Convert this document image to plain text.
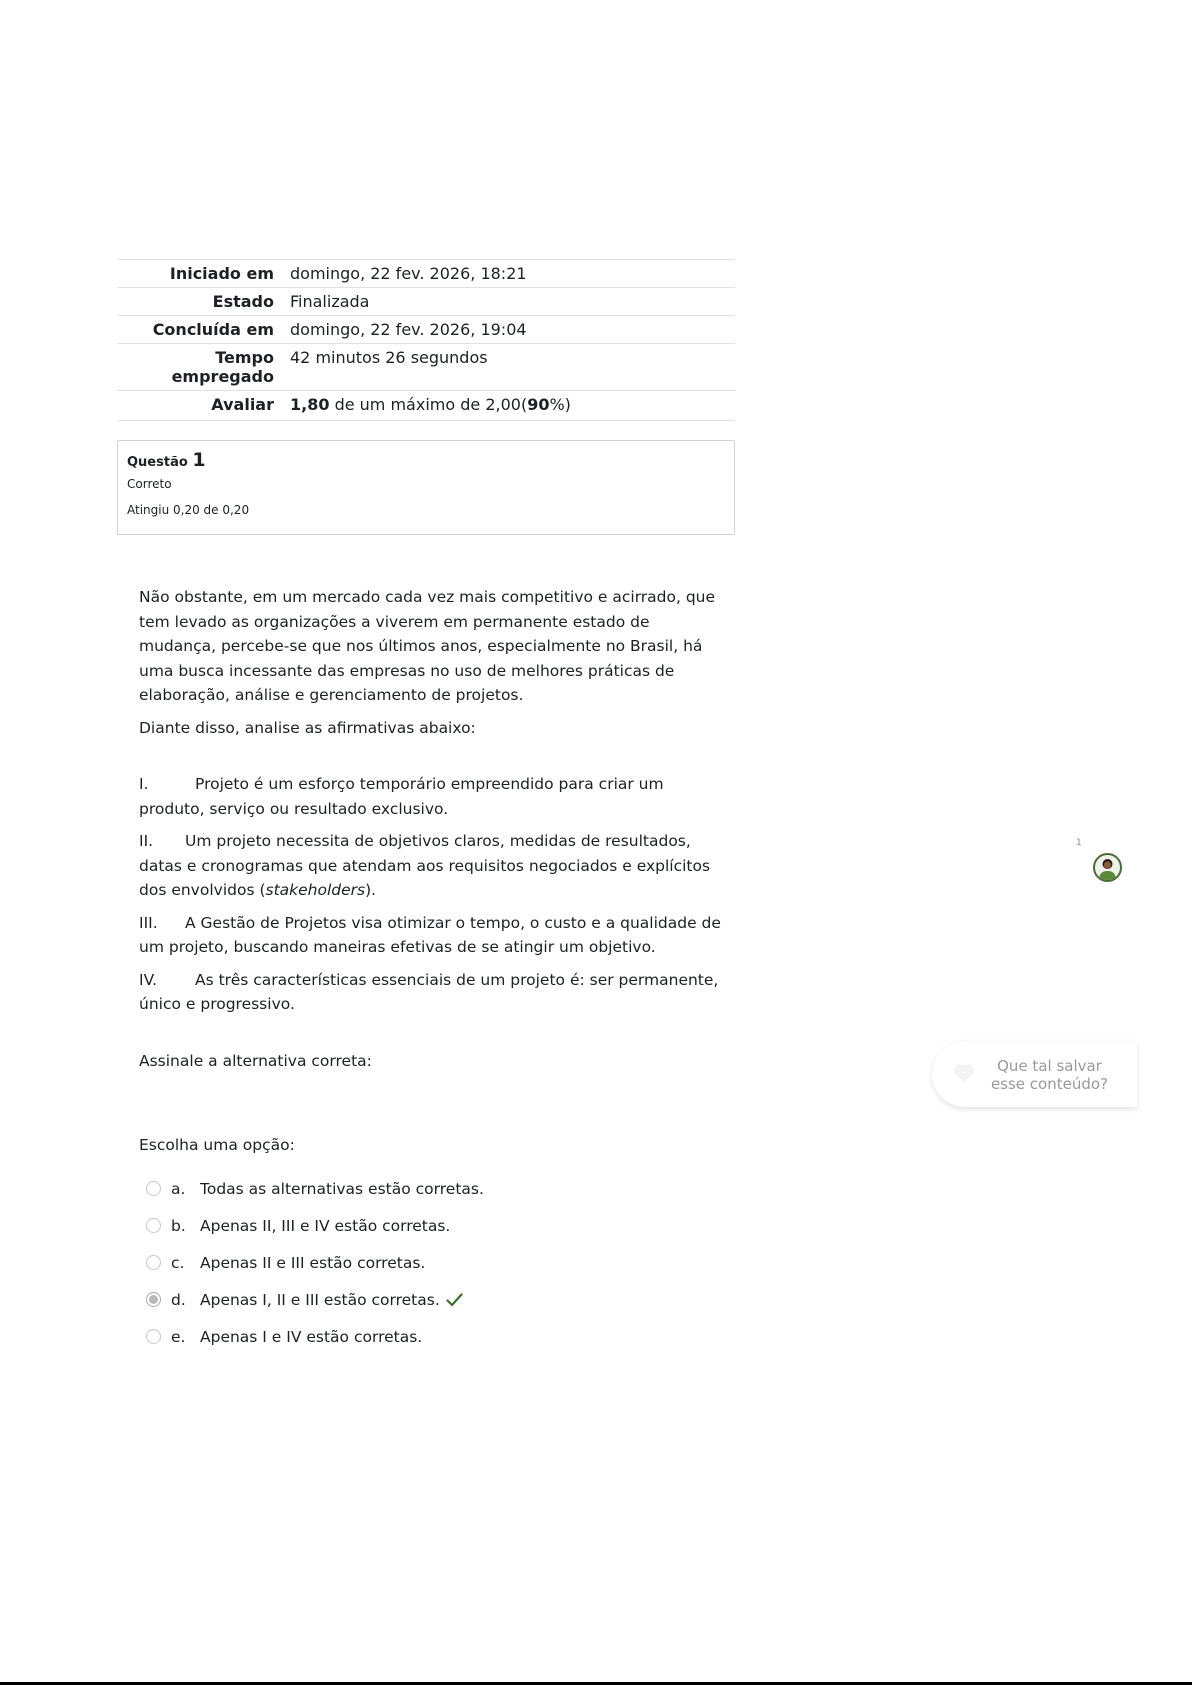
Iniciado em	domingo, 22 fev. 2026, 18:21
Estado	Finalizada
Concluída em	domingo, 22 fev. 2026, 19:04
Tempo
empregado	42 minutos 26 segundos
Avaliar	1,80 de um máximo de 2,00(90%)
Questão 1
Correto
Atingiu 0,20 de 0,20

Não obstante, em um mercado cada vez mais competitivo e acirrado, que tem levado as organizações a viverem em permanente estado de mudança, percebe-se que nos últimos anos, especialmente no Brasil, há uma busca incessante das empresas no uso de melhores práticas de elaboração, análise e gerenciamento de projetos.

Diante disso, analise as afirmativas abaixo:

I.	Projeto é um esforço temporário empreendido para criar um produto, serviço ou resultado exclusivo.

II. Um projeto necessita de objetivos claros, medidas de resultados, datas e cronogramas que atendam aos requisitos negociados e explícitos dos envolvidos (stakeholders).

III. A Gestão de Projetos visa otimizar o tempo, o custo e a qualidade de um projeto, buscando maneiras efetivas de se atingir um objetivo.

IV. As três características essenciais de um projeto é: ser permanente, único e progressivo.

Assinale a alternativa correta:

Escolha uma opção:
a. Todas as alternativas estão corretas.
b. Apenas II, III e IV estão corretas.
c.	Apenas II e III estão corretas.
d. Apenas I, II e III estão corretas.
e. Apenas I e IV estão corretas.
1
Que tal salvar
esse conteúdo?
